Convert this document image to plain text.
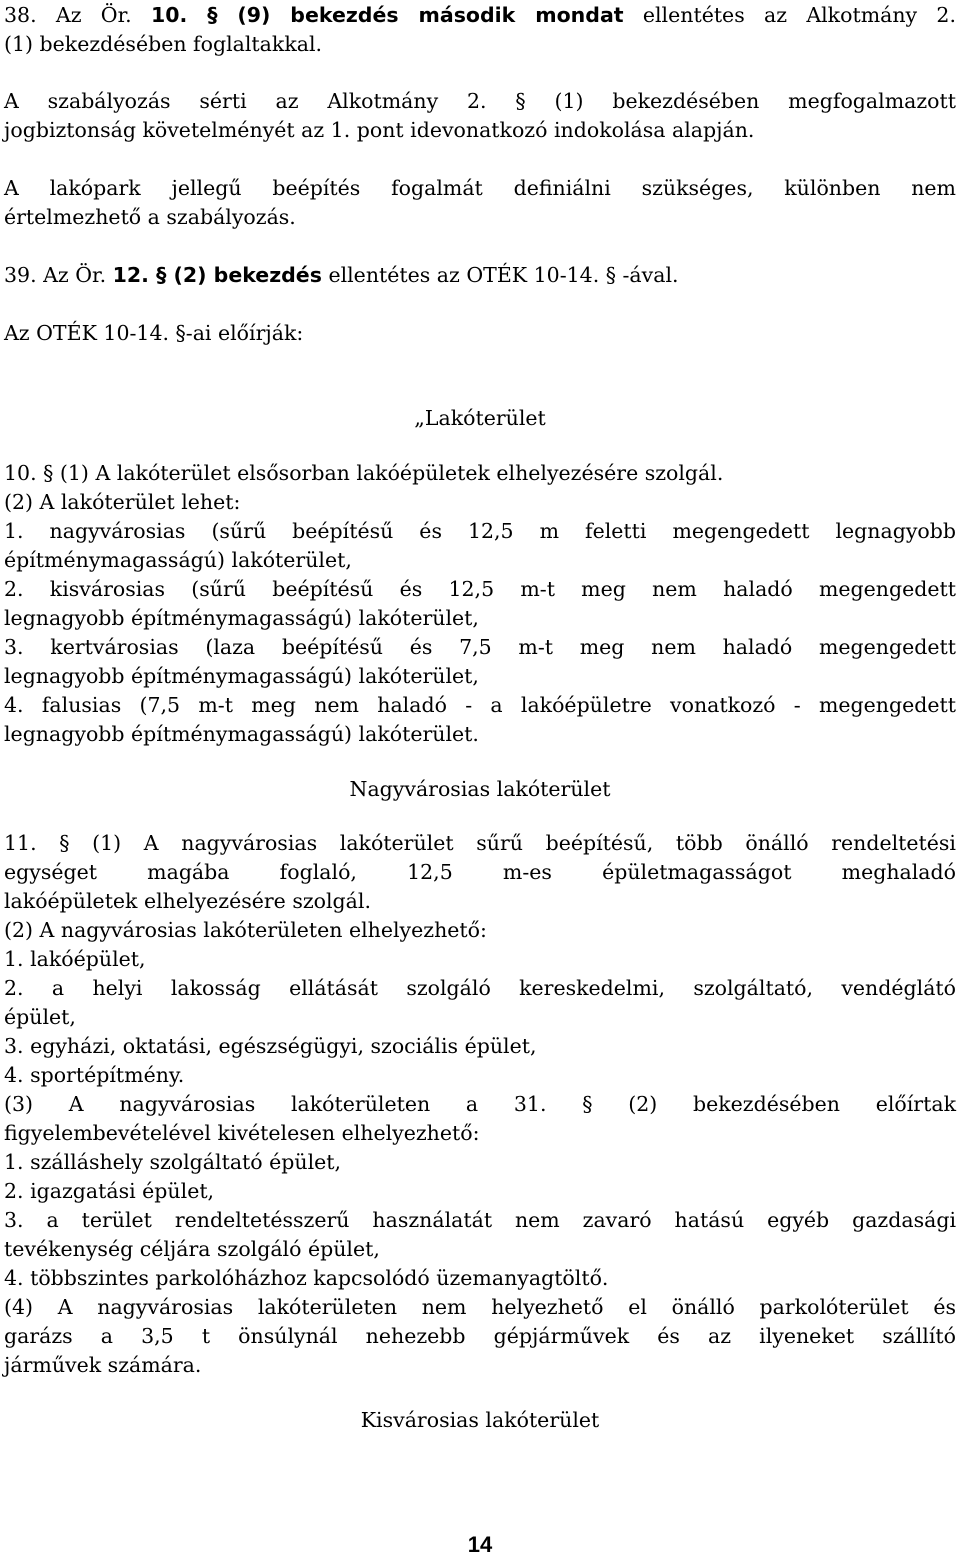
38. Az Ör. 10. § (9) bekezdés második mondat ellentétes az Alkotmány 2.
(1) bekezdésében foglaltakkal.
A szabályozás sérti az Alkotmány 2. § (1) bekezdésében megfogalmazott
jogbiztonság követelményét az 1. pont idevonatkozó indokolása alapján.
A lakópark jellegű beépítés fogalmát definiálni szükséges, különben nem
értelmezhető a szabályozás.
39. Az Ör. 12. § (2) bekezdés ellentétes az OTÉK 10-14. § -ával.
Az OTÉK 10-14. §-ai előírják:
„Lakóterület
10. § (1) A lakóterület elsősorban lakóépületek elhelyezésére szolgál.
(2) A lakóterület lehet:
1. nagyvárosias (sűrű beépítésű és 12,5 m feletti megengedett legnagyobb
építménymagasságú) lakóterület,
2. kisvárosias (sűrű beépítésű és 12,5 m-t meg nem haladó megengedett
legnagyobb építménymagasságú) lakóterület,
3. kertvárosias (laza beépítésű és 7,5 m-t meg nem haladó megengedett
legnagyobb építménymagasságú) lakóterület,
4. falusias (7,5 m-t meg nem haladó - a lakóépületre vonatkozó - megengedett
legnagyobb építménymagasságú) lakóterület.
Nagyvárosias lakóterület
11. § (1) A nagyvárosias lakóterület sűrű beépítésű, több önálló rendeltetési
egységet magába foglaló, 12,5 m-es épületmagasságot meghaladó
lakóépületek elhelyezésére szolgál.
(2) A nagyvárosias lakóterületen elhelyezhető:
1. lakóépület,
2. a helyi lakosság ellátását szolgáló kereskedelmi, szolgáltató, vendéglátó
épület,
3. egyházi, oktatási, egészségügyi, szociális épület,
4. sportépítmény.
(3) A nagyvárosias lakóterületen a 31. § (2) bekezdésében előírtak
figyelembevételével kivételesen elhelyezhető:
1. szálláshely szolgáltató épület,
2. igazgatási épület,
3. a terület rendeltetésszerű használatát nem zavaró hatású egyéb gazdasági
tevékenység céljára szolgáló épület,
4. többszintes parkolóházhoz kapcsolódó üzemanyagtöltő.
(4) A nagyvárosias lakóterületen nem helyezhető el önálló parkolóterület és
garázs a 3,5 t önsúlynál nehezebb gépjárművek és az ilyeneket szállító
járművek számára.
Kisvárosias lakóterület
14
